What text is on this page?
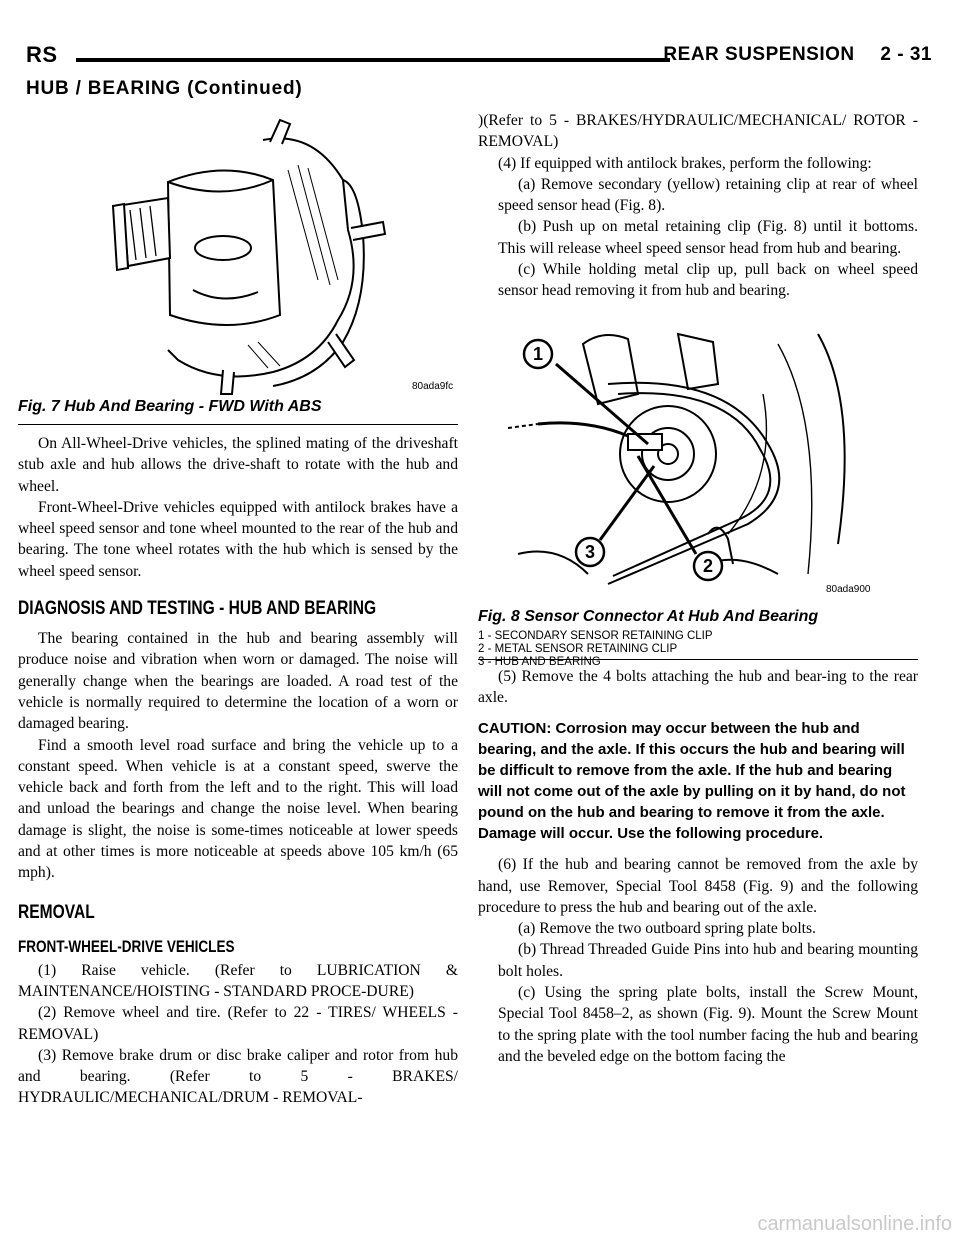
RS	REAR SUSPENSION 2 - 31
HUB / BEARING (Continued)
80ada9fc
Fig. 7 Hub And Bearing - FWD With ABS

On All-Wheel-Drive vehicles, the splined mating of the driveshaft stub axle and hub allows the drive-shaft to rotate with the hub and wheel.

Front-Wheel-Drive vehicles equipped with antilock brakes have a wheel speed sensor and tone wheel mounted to the rear of the hub and bearing. The tone wheel rotates with the hub which is sensed by the wheel speed sensor.

DIAGNOSIS AND TESTING - HUB AND BEARING

The bearing contained in the hub and bearing assembly will produce noise and vibration when worn or damaged. The noise will generally change when the bearings are loaded. A road test of the vehicle is normally required to determine the location of a worn or damaged bearing.

Find a smooth level road surface and bring the vehicle up to a constant speed. When vehicle is at a constant speed, swerve the vehicle back and forth from the left and to the right. This will load and unload the bearings and change the noise level. When bearing damage is slight, the noise is some-times noticeable at lower speeds and at other times is more noticeable at speeds above 105 km/h (65 mph).

REMOVAL
FRONT-WHEEL-DRIVE VEHICLES

(1) Raise vehicle. (Refer to LUBRICATION & MAINTENANCE/HOISTING - STANDARD PROCE-DURE)

(2) Remove wheel and tire. (Refer to 22 - TIRES/ WHEELS - REMOVAL)

(3) Remove brake drum or disc brake caliper and rotor from hub and bearing. (Refer to 5 - BRAKES/ HYDRAULIC/MECHANICAL/DRUM - REMOVAL-

)(Refer to 5 - BRAKES/HYDRAULIC/MECHANICAL/ ROTOR - REMOVAL)

(4) If equipped with antilock brakes, perform the following:

(a) Remove secondary (yellow) retaining clip at rear of wheel speed sensor head (Fig. 8).

(b) Push up on metal retaining clip (Fig. 8) until it bottoms. This will release wheel speed sensor head from hub and bearing.

(c) While holding metal clip up, pull back on wheel speed sensor head removing it from hub and bearing.

1
2
3
80ada900
Fig. 8 Sensor Connector At Hub And Bearing
1 - SECONDARY SENSOR RETAINING CLIP
2 - METAL SENSOR RETAINING CLIP
3 - HUB AND BEARING

(5) Remove the 4 bolts attaching the hub and bear-ing to the rear axle.

CAUTION: Corrosion may occur between the hub and bearing, and the axle. If this occurs the hub and bearing will be difficult to remove from the axle. If the hub and bearing will not come out of the axle by pulling on it by hand, do not pound on the hub and bearing to remove it from the axle. Damage will occur. Use the following procedure.

(6) If the hub and bearing cannot be removed from the axle by hand, use Remover, Special Tool 8458 (Fig. 9) and the following procedure to press the hub and bearing out of the axle.

(a) Remove the two outboard spring plate bolts.

(b) Thread Threaded Guide Pins into hub and bearing mounting bolt holes.

(c) Using the spring plate bolts, install the Screw Mount, Special Tool 8458–2, as shown (Fig. 9). Mount the Screw Mount to the spring plate with the tool number facing the hub and bearing and the beveled edge on the bottom facing the

carmanualsonline.info
